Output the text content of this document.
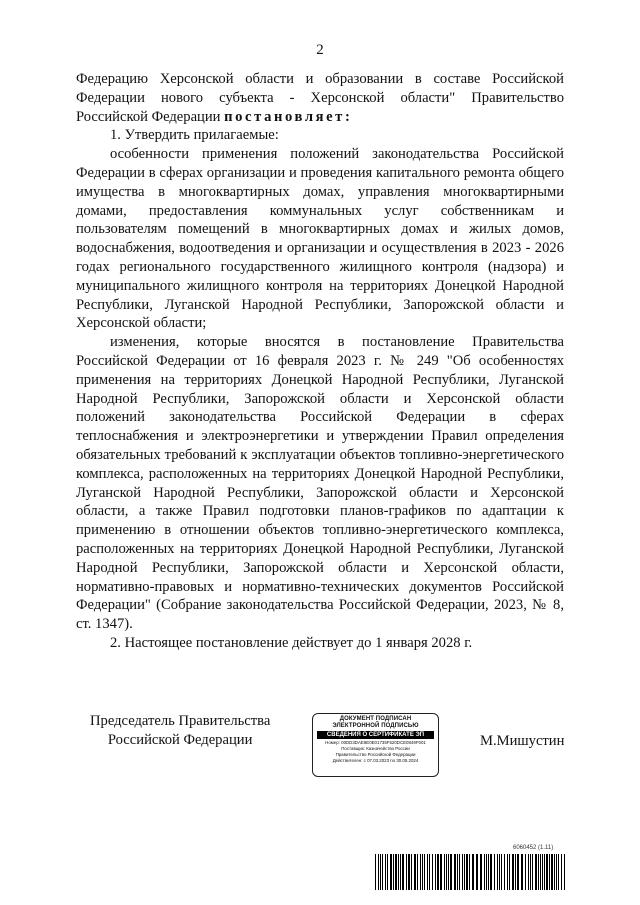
2

Федерацию Херсонской области и образовании в составе Российской Федерации нового субъекта - Херсонской области" Правительство Российской Федерации постановляет:

1. Утвердить прилагаемые:

особенности применения положений законодательства Российской Федерации в сферах организации и проведения капитального ремонта общего имущества в многоквартирных домах, управления многоквартирными домами, предоставления коммунальных услуг собственникам и пользователям помещений в многоквартирных домах и жилых домов, водоснабжения, водоотведения и организации и осуществления в 2023 - 2026 годах регионального государственного жилищного контроля (надзора) и муниципального жилищного контроля на территориях Донецкой Народной Республики, Луганской Народной Республики, Запорожской области и Херсонской области;

изменения, которые вносятся в постановление Правительства Российской Федерации от 16 февраля 2023 г. № 249 "Об особенностях применения на территориях Донецкой Народной Республики, Луганской Народной Республики, Запорожской области и Херсонской области положений законодательства Российской Федерации в сферах теплоснабжения и электроэнергетики и утверждении Правил определения обязательных требований к эксплуатации объектов топливно-энергетического комплекса, расположенных на территориях Донецкой Народной Республики, Луганской Народной Республики, Запорожской области и Херсонской области, а также Правил подготовки планов-графиков по адаптации к применению в отношении объектов топливно-энергетического комплекса, расположенных на территориях Донецкой Народной Республики, Луганской Народной Республики, Запорожской области и Херсонской области, нормативно-правовых и нормативно-технических документов Российской Федерации" (Собрание законодательства Российской Федерации, 2023, № 8, ст. 1347).

2. Настоящее постановление действует до 1 января 2028 г.

Председатель Правительства
Российской Федерации
ДОКУМЕНТ ПОДПИСАН
ЭЛЕКТРОННОЙ ПОДПИСЬЮ
СВЕДЕНИЯ О СЕРТИФИКАТЕ ЭП
Номер: 00DD3DAE8E0E01735F520DCE0849F001
Поставщик: Казначейство России
Правительство Российской Федерации
Действителен: с 07.03.2023 по 30.05.2024
М.Мишустин
6060452 (1.11)
